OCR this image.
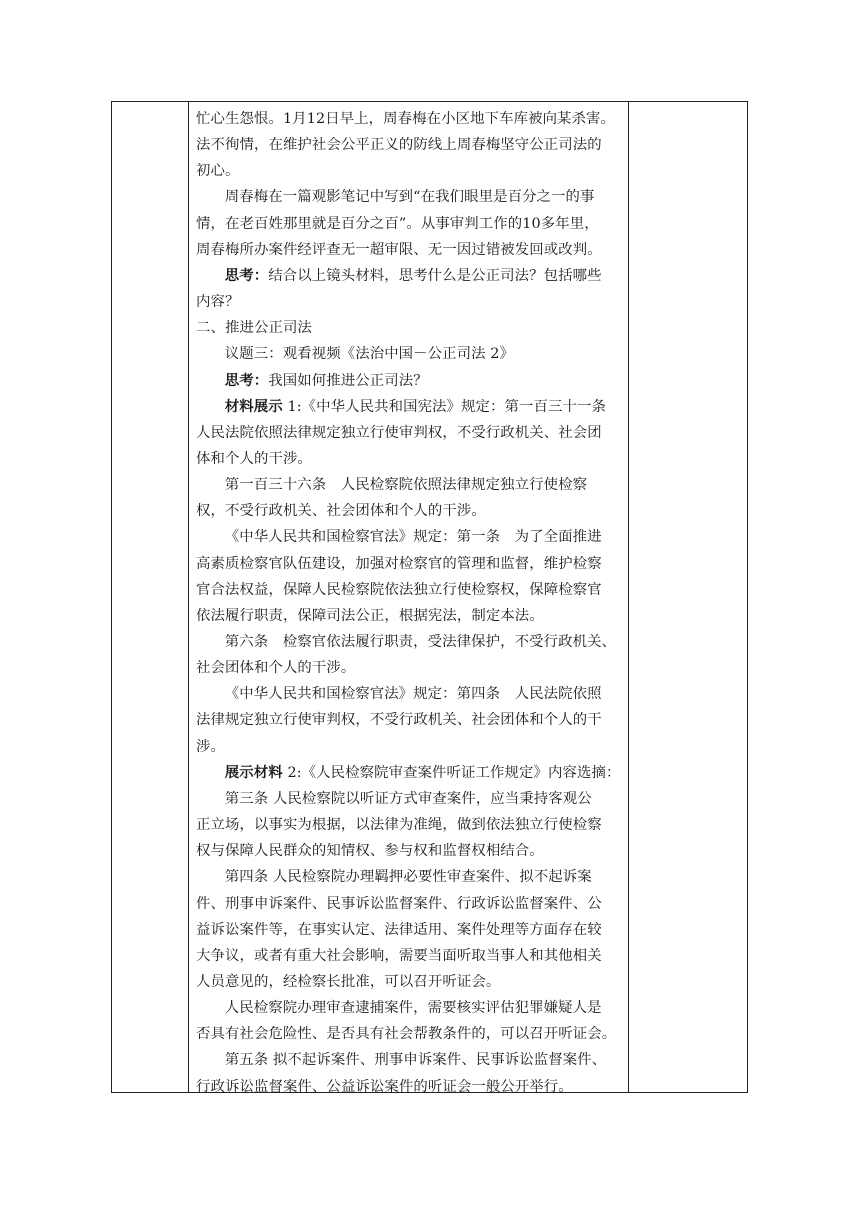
忙心生怨恨。1月12日早上，周春梅在小区地下车库被向某杀害。
法不徇情，在维护社会公平正义的防线上周春梅坚守公正司法的
初心。
周春梅在一篇观影笔记中写到“在我们眼里是百分之一的事
情，在老百姓那里就是百分之百”。从事审判工作的10多年里，
周春梅所办案件经评查无一超审限、无一因过错被发回或改判。
思考：结合以上镜头材料，思考什么是公正司法？包括哪些
内容？
二、推进公正司法
议题三：观看视频《法治中国－公正司法 2》
思考：我国如何推进公正司法？
材料展示 1:《中华人民共和国宪法》规定：第一百三十一条
人民法院依照法律规定独立行使审判权，不受行政机关、社会团
体和个人的干涉。
第一百三十六条　人民检察院依照法律规定独立行使检察
权，不受行政机关、社会团体和个人的干涉。
《中华人民共和国检察官法》规定：第一条　为了全面推进
高素质检察官队伍建设，加强对检察官的管理和监督，维护检察
官合法权益，保障人民检察院依法独立行使检察权，保障检察官
依法履行职责，保障司法公正，根据宪法，制定本法。
第六条　检察官依法履行职责，受法律保护，不受行政机关、
社会团体和个人的干涉。
《中华人民共和国检察官法》规定：第四条　人民法院依照
法律规定独立行使审判权，不受行政机关、社会团体和个人的干
涉。
展示材料 2:《人民检察院审查案件听证工作规定》内容选摘：
第三条 人民检察院以听证方式审查案件，应当秉持客观公
正立场，以事实为根据，以法律为准绳，做到依法独立行使检察
权与保障人民群众的知情权、参与权和监督权相结合。
第四条 人民检察院办理羁押必要性审查案件、拟不起诉案
件、刑事申诉案件、民事诉讼监督案件、行政诉讼监督案件、公
益诉讼案件等，在事实认定、法律适用、案件处理等方面存在较
大争议，或者有重大社会影响，需要当面听取当事人和其他相关
人员意见的，经检察长批准，可以召开听证会。
人民检察院办理审查逮捕案件，需要核实评估犯罪嫌疑人是
否具有社会危险性、是否具有社会帮教条件的，可以召开听证会。
第五条 拟不起诉案件、刑事申诉案件、民事诉讼监督案件、
行政诉讼监督案件、公益诉讼案件的听证会一般公开举行。
